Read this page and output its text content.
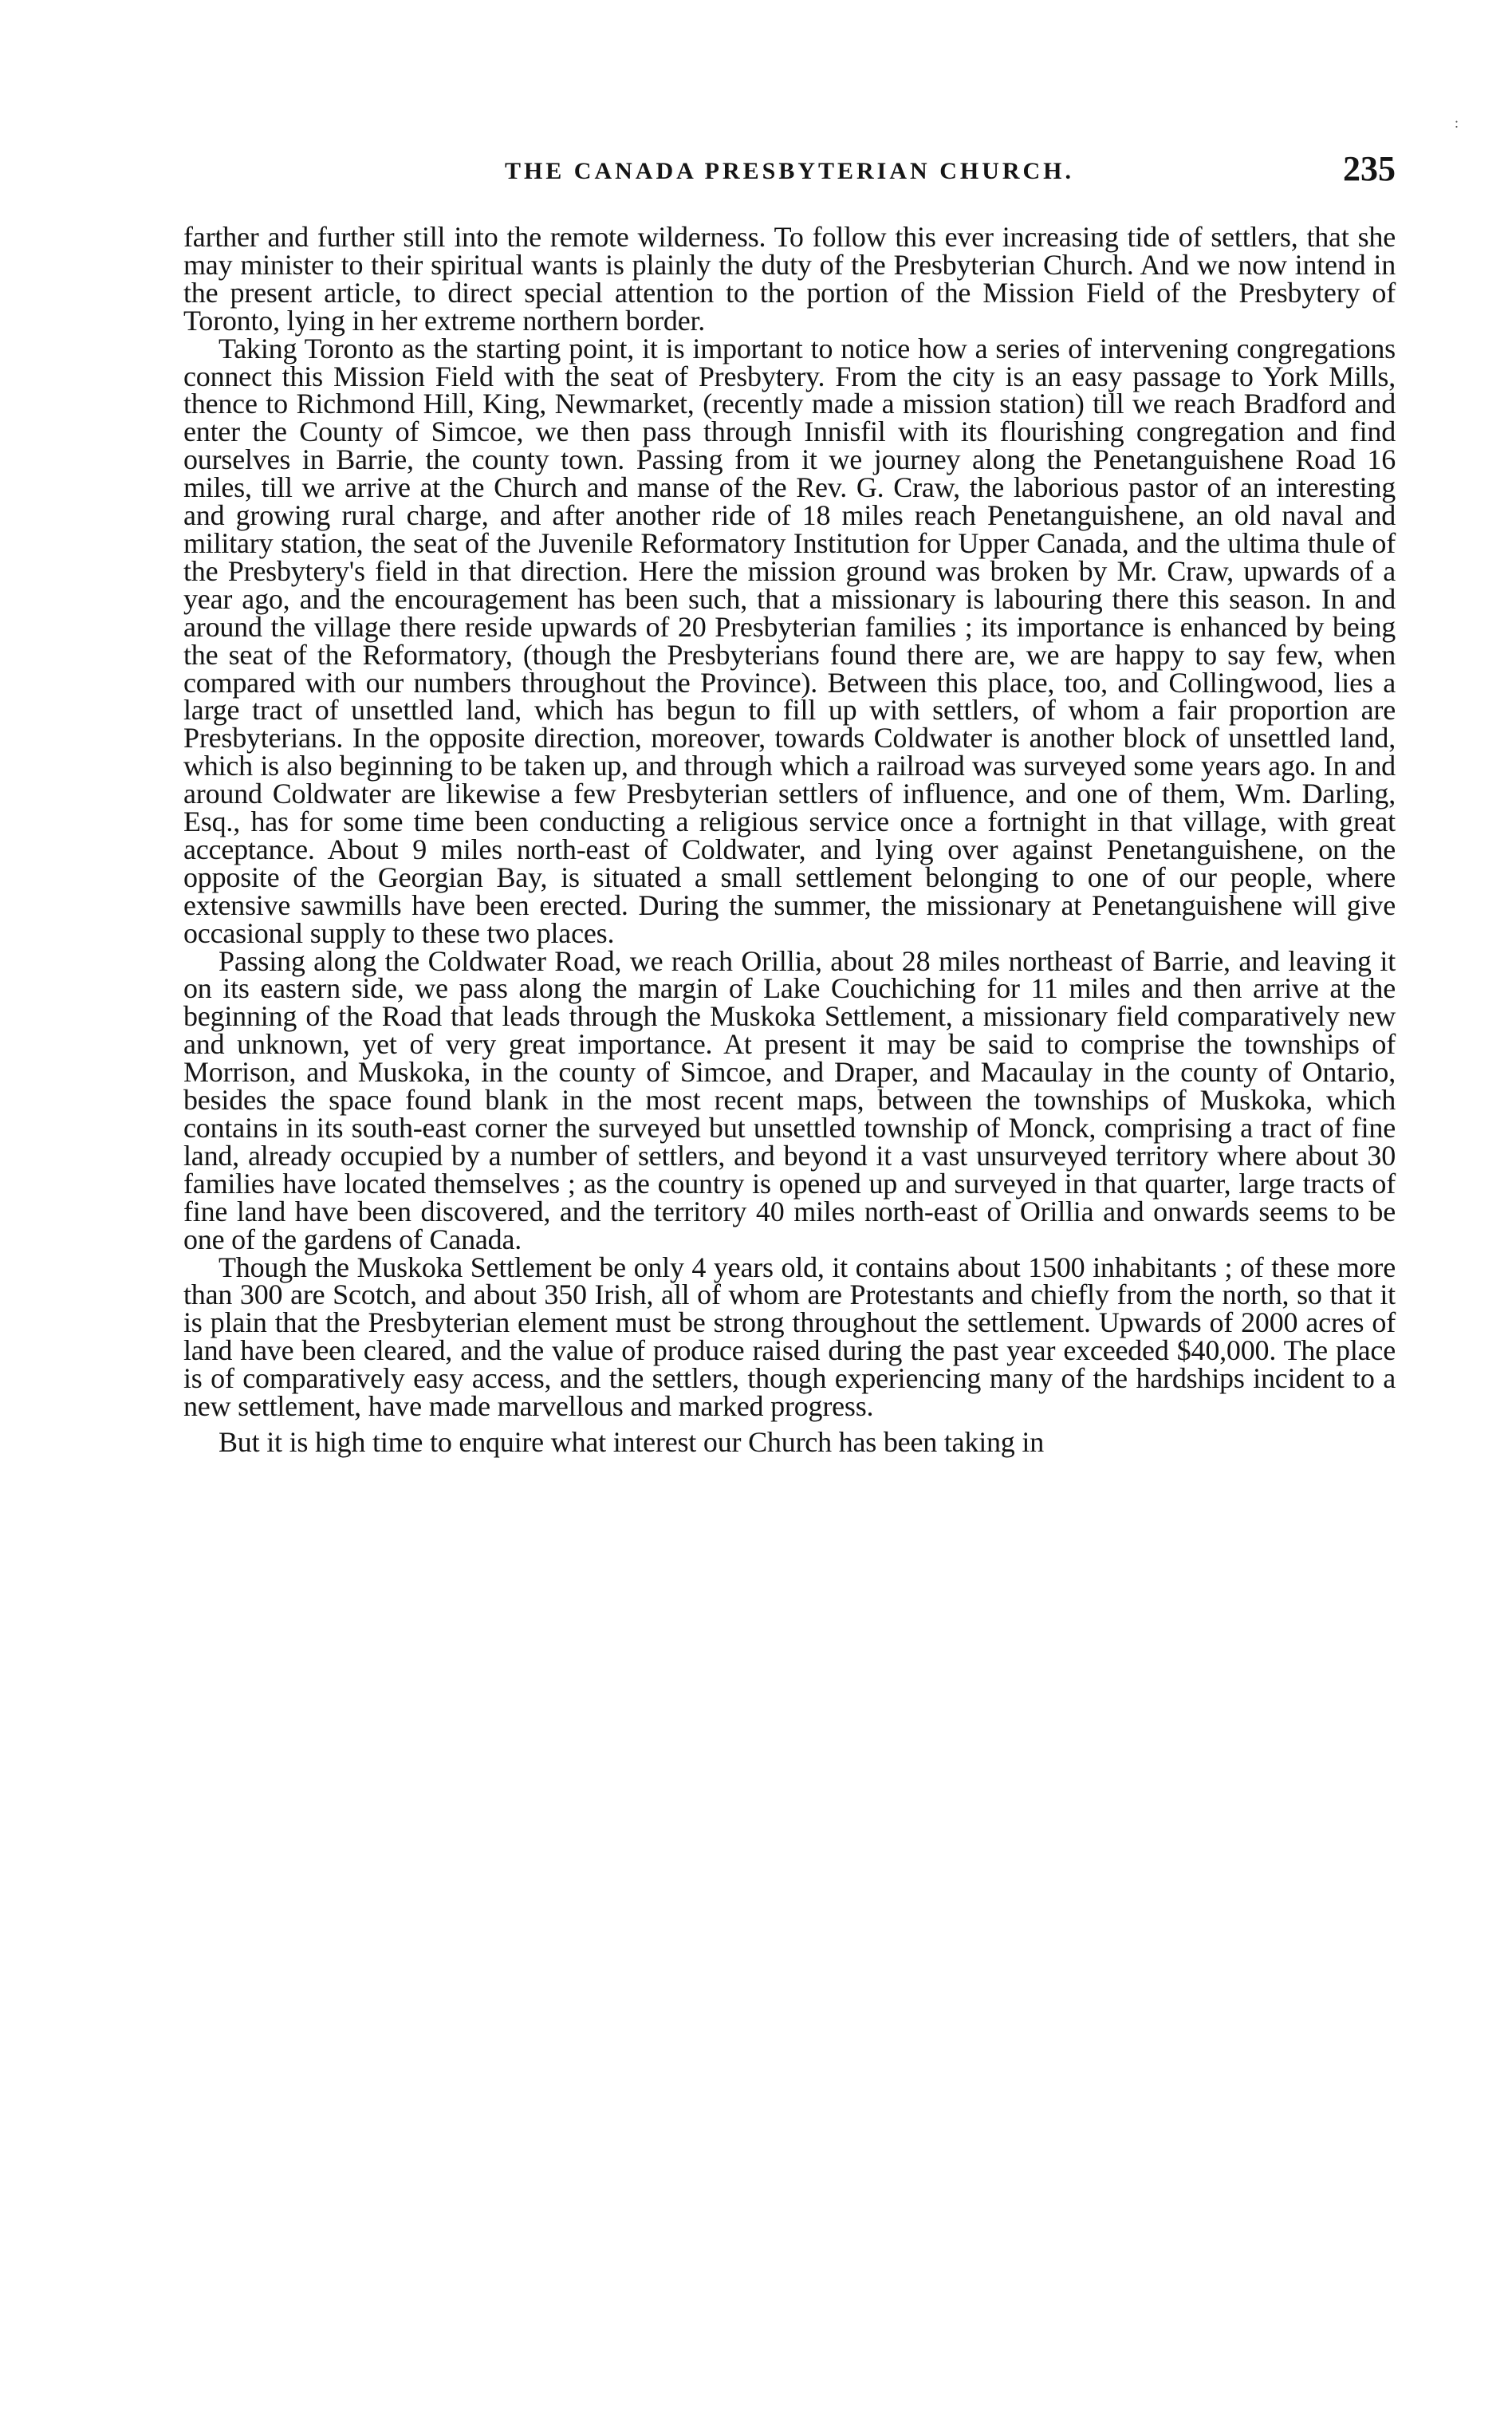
:
THE CANADA PRESBYTERIAN CHURCH.	235

farther and further still into the remote wilderness. To follow this ever increasing tide of settlers, that she may minister to their spiritual wants is plainly the duty of the Presbyterian Church. And we now intend in the present article, to direct special attention to the portion of the Mission Field of the Presbytery of Toronto, lying in her extreme northern border.

Taking Toronto as the starting point, it is important to notice how a series of intervening congregations connect this Mission Field with the seat of Presbytery. From the city is an easy passage to York Mills, thence to Richmond Hill, King, Newmarket, (recently made a mission station) till we reach Bradford and enter the County of Simcoe, we then pass through Innisfil with its flourishing congregation and find ourselves in Barrie, the county town. Passing from it we journey along the Penetanguishene Road 16 miles, till we arrive at the Church and manse of the Rev. G. Craw, the laborious pastor of an interesting and growing rural charge, and after another ride of 18 miles reach Penetanguishene, an old naval and military station, the seat of the Juvenile Reformatory Institution for Upper Canada, and the ultima thule of the Presbytery's field in that direction. Here the mission ground was broken by Mr. Craw, upwards of a year ago, and the encouragement has been such, that a missionary is labouring there this season. In and around the village there reside upwards of 20 Presbyterian families ; its importance is enhanced by being the seat of the Reformatory, (though the Presbyterians found there are, we are happy to say few, when compared with our numbers throughout the Province). Between this place, too, and Collingwood, lies a large tract of unsettled land, which has begun to fill up with settlers, of whom a fair proportion are Presbyterians. In the opposite direction, moreover, towards Coldwater is another block of unsettled land, which is also beginning to be taken up, and through which a railroad was surveyed some years ago. In and around Coldwater are likewise a few Presbyterian settlers of influence, and one of them, Wm. Darling, Esq., has for some time been conducting a religious service once a fortnight in that village, with great acceptance. About 9 miles north-east of Coldwater, and lying over against Penetanguishene, on the opposite of the Georgian Bay, is situated a small settlement belonging to one of our people, where extensive sawmills have been erected. During the summer, the missionary at Penetanguishene will give occasional supply to these two places.

Passing along the Coldwater Road, we reach Orillia, about 28 miles northeast of Barrie, and leaving it on its eastern side, we pass along the margin of Lake Couchiching for 11 miles and then arrive at the beginning of the Road that leads through the Muskoka Settlement, a missionary field comparatively new and unknown, yet of very great importance. At present it may be said to comprise the townships of Morrison, and Muskoka, in the county of Simcoe, and Draper, and Macaulay in the county of Ontario, besides the space found blank in the most recent maps, between the townships of Muskoka, which contains in its south-east corner the surveyed but unsettled township of Monck, comprising a tract of fine land, already occupied by a number of settlers, and beyond it a vast unsurveyed territory where about 30 families have located themselves ; as the country is opened up and surveyed in that quarter, large tracts of fine land have been discovered, and the territory 40 miles north-east of Orillia and onwards seems to be one of the gardens of Canada.

Though the Muskoka Settlement be only 4 years old, it contains about 1500 inhabitants ; of these more than 300 are Scotch, and about 350 Irish, all of whom are Protestants and chiefly from the north, so that it is plain that the Presbyterian element must be strong throughout the settlement. Upwards of 2000 acres of land have been cleared, and the value of produce raised during the past year exceeded $40,000. The place is of comparatively easy access, and the settlers, though experiencing many of the hardships incident to a new settlement, have made marvellous and marked progress.

But it is high time to enquire what interest our Church has been taking in
